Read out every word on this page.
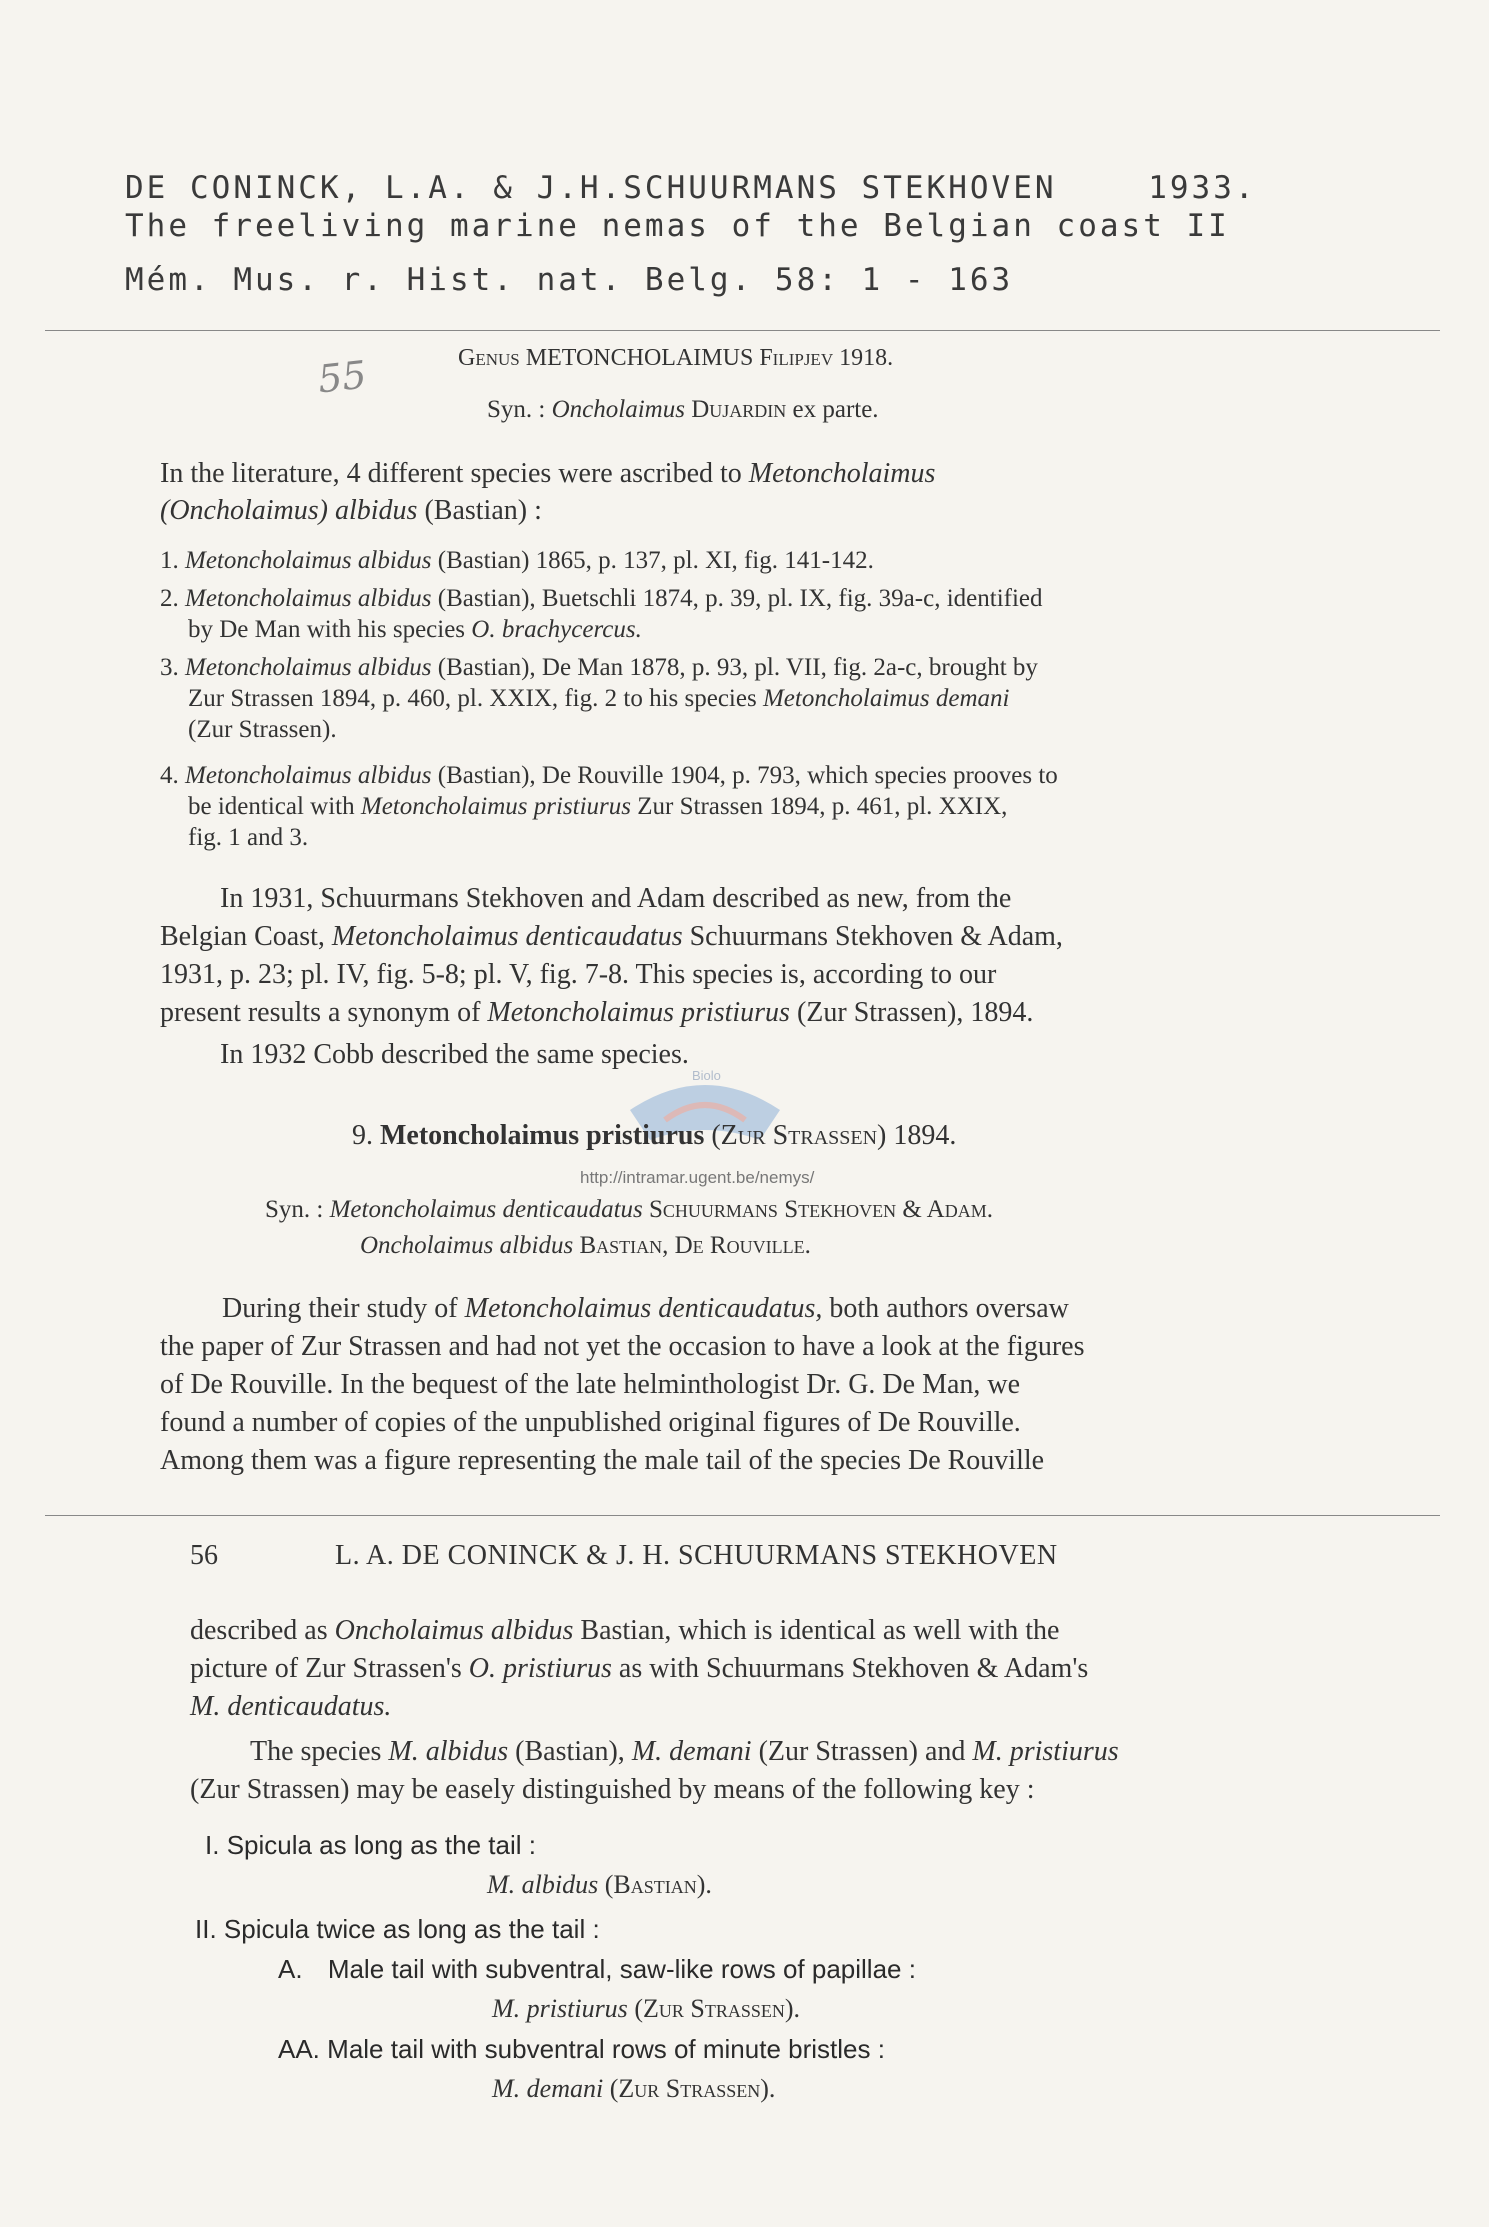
DE CONINCK, L.A. & J.H.SCHUURMANS STEKHOVEN	1933.
The freeliving marine nemas of the Belgian coast II
Mém. Mus. r. Hist. nat. Belg. 58: 1 - 163
55	Genus METONCHOLAIMUS Filipjev 1918.
Syn. : Oncholaimus Dujardin ex parte.
In the literature, 4 different species were ascribed to Metoncholaimus
(Oncholaimus) albidus (Bastian) :
1. Metoncholaimus albidus (Bastian) 1865, p. 137, pl. XI, fig. 141-142.
2. Metoncholaimus albidus (Bastian), Buetschli 1874, p. 39, pl. IX, fig. 39a-c, identified
by De Man with his species O. brachycercus.
3. Metoncholaimus albidus (Bastian), De Man 1878, p. 93, pl. VII, fig. 2a-c, brought by
Zur Strassen 1894, p. 460, pl. XXIX, fig. 2 to his species Metoncholaimus demani
(Zur Strassen).
4. Metoncholaimus albidus (Bastian), De Rouville 1904, p. 793, which species prooves to
be identical with Metoncholaimus pristiurus Zur Strassen 1894, p. 461, pl. XXIX,
fig. 1 and 3.
In 1931, Schuurmans Stekhoven and Adam described as new, from the
Belgian Coast, Metoncholaimus denticaudatus Schuurmans Stekhoven & Adam,
1931, p. 23; pl. IV, fig. 5-8; pl. V, fig. 7-8. This species is, according to our
present results a synonym of Metoncholaimus pristiurus (Zur Strassen), 1894.
In 1932 Cobb described the same species.
Biolo
9. Metoncholaimus pristiurus (Zur Strassen) 1894.
http://intramar.ugent.be/nemys/
Syn. : Metoncholaimus denticaudatus Schuurmans Stekhoven & Adam.
Oncholaimus albidus Bastian, De Rouville.
During their study of Metoncholaimus denticaudatus, both authors oversaw
the paper of Zur Strassen and had not yet the occasion to have a look at the figures
of De Rouville. In the bequest of the late helminthologist Dr. G. De Man, we
found a number of copies of the unpublished original figures of De Rouville.
Among them was a figure representing the male tail of the species De Rouville
56	L. A. DE CONINCK & J. H. SCHUURMANS STEKHOVEN
described as Oncholaimus albidus Bastian, which is identical as well with the
picture of Zur Strassen's O. pristiurus as with Schuurmans Stekhoven & Adam's
M. denticaudatus.
The species M. albidus (Bastian), M. demani (Zur Strassen) and M. pristiurus
(Zur Strassen) may be easely distinguished by means of the following key :
I. Spicula as long as the tail :
M. albidus (Bastian).
II. Spicula twice as long as the tail :
A. Male tail with subventral, saw-like rows of papillae :
M. pristiurus (Zur Strassen).
AA. Male tail with subventral rows of minute bristles :
M. demani (Zur Strassen).
